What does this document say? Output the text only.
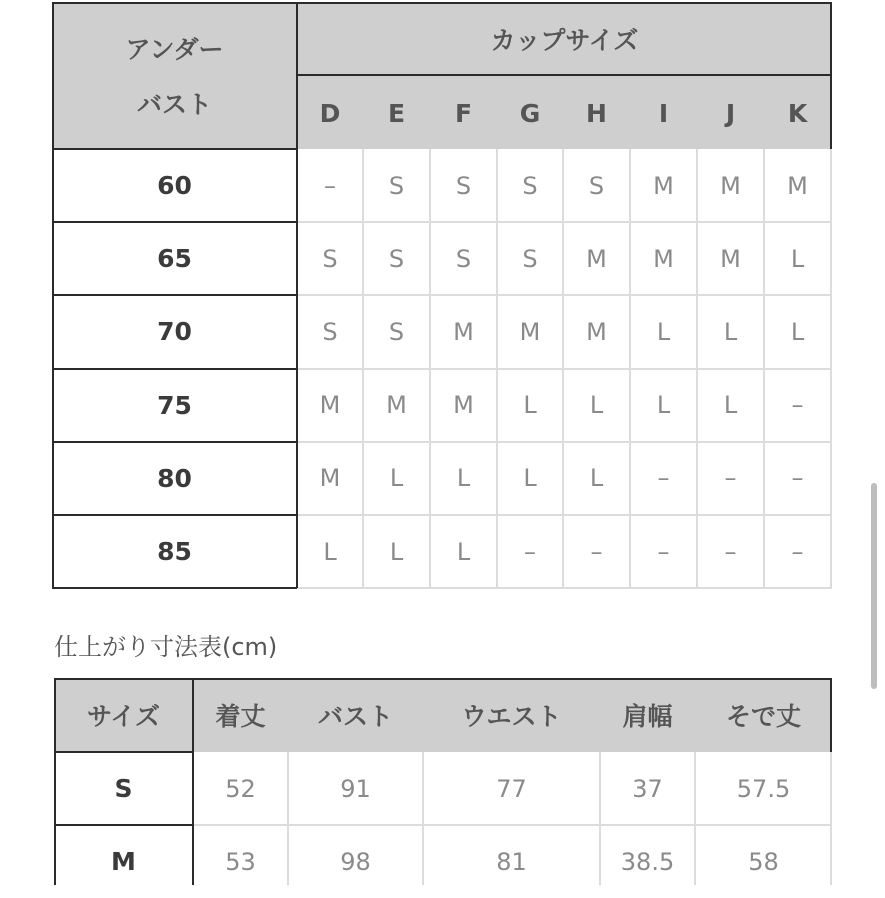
アンダー
バスト
カップサイズ
D	E	F	G	H	I	J	K
60	–	S	S	S	S	M	M	M
65	S	S	S	S	M	M	M	L
70	S	S	M	M	M	L	L	L
75	M	M	M	L	L	L	L	–
80	M	L	L	L	L	–	–	–
85	L	L	L	–	–	–	–	–
仕上がり寸法表(cm)
サイズ	着丈	バスト	ウエスト	肩幅	そで丈
S	52	91	77	37	57.5
M	53	98	81	38.5	58
